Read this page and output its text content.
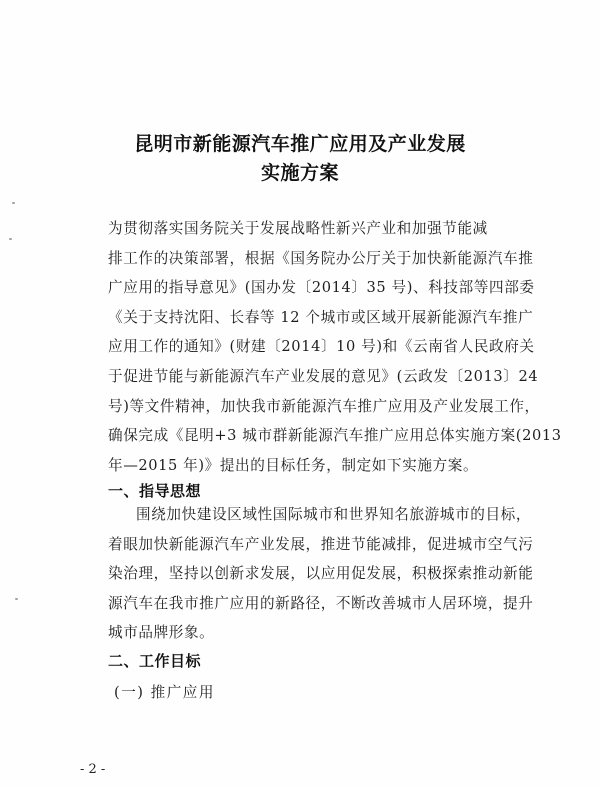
昆明市新能源汽车推广应用及产业发展
实施方案
为贯彻落实国务院关于发展战略性新兴产业和加强节能减
排工作的决策部署，根据《国务院办公厅关于加快新能源汽车推
广应用的指导意见》(国办发〔2014〕35 号)、科技部等四部委
《关于支持沈阳、长春等 12 个城市或区域开展新能源汽车推广
应用工作的通知》(财建〔2014〕10 号)和《云南省人民政府关
于促进节能与新能源汽车产业发展的意见》(云政发〔2013〕24
号)等文件精神，加快我市新能源汽车推广应用及产业发展工作，
确保完成《昆明+3 城市群新能源汽车推广应用总体实施方案(2013
年—2015 年)》提出的目标任务，制定如下实施方案。
一、指导思想
围绕加快建设区域性国际城市和世界知名旅游城市的目标，
着眼加快新能源汽车产业发展，推进节能减排，促进城市空气污
染治理，坚持以创新求发展，以应用促发展，积极探索推动新能
源汽车在我市推广应用的新路径，不断改善城市人居环境，提升
城市品牌形象。
二、工作目标
(一) 推广应用
- 2 -
